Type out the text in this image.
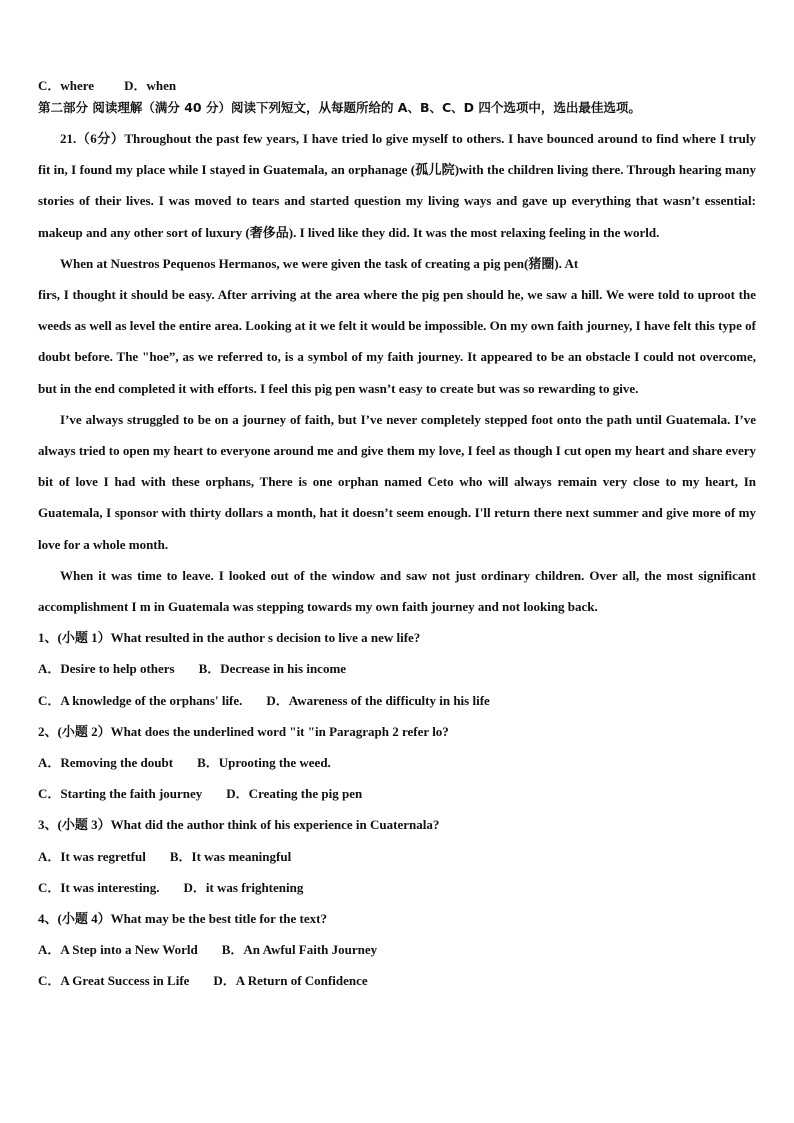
C．where D．when
第二部分 阅读理解（满分 40 分）阅读下列短文，从每题所给的 A、B、C、D 四个选项中，选出最佳选项。

21.（6分）Throughout the past few years, I have tried lo give myself to others. I have bounced around to find where I truly fit in, I found my place while I stayed in Guatemala, an orphanage (孤儿院)with the children living there. Through hearing many stories of their lives. I was moved to tears and started question my living ways and gave up everything that wasn’t essential: makeup and any other sort of luxury (奢侈品). I lived like they did. It was the most relaxing feeling in the world.

When at Nuestros Pequenos Hermanos, we were given the task of creating a pig pen(猪圈). At

firs, I thought it should be easy. After arriving at the area where the pig pen should he, we saw a hill. We were told to uproot the weeds as well as level the entire area. Looking at it we felt it would be impossible. On my own faith journey, I have felt this type of doubt before. The "hoe”, as we referred to, is a symbol of my faith journey. It appeared to be an obstacle I could not overcome, but in the end completed it with efforts. I feel this pig pen wasn’t easy to create but was so rewarding to give.

I’ve always struggled to be on a journey of faith, but I’ve never completely stepped foot onto the path until Guatemala. I’ve always tried to open my heart to everyone around me and give them my love, I feel as though I cut open my heart and share every bit of love I had with these orphans, There is one orphan named Ceto who will always remain very close to my heart, In Guatemala, I sponsor with thirty dollars a month, hat it doesn’t seem enough. I'll return there next summer and give more of my love for a whole month.

When it was time to leave. I looked out of the window and saw not just ordinary children. Over all, the most significant accomplishment I m in Guatemala was stepping towards my own faith journey and not looking back.

1、(小题 1）What resulted in the author s decision to live a new life?
A．Desire to help others B．Decrease in his income
C．A knowledge of the orphans' life. D．Awareness of the difficulty in his life
2、(小题 2）What does the underlined word "it "in Paragraph 2 refer lo?
A．Removing the doubt B．Uprooting the weed.
C．Starting the faith journey D．Creating the pig pen
3、(小题 3）What did the author think of his experience in Cuaternala?
A．It was regretful B．It was meaningful
C．It was interesting. D．it was frightening
4、(小题 4）What may be the best title for the text?
A．A Step into a New World B．An Awful Faith Journey
C．A Great Success in Life D．A Return of Confidence
